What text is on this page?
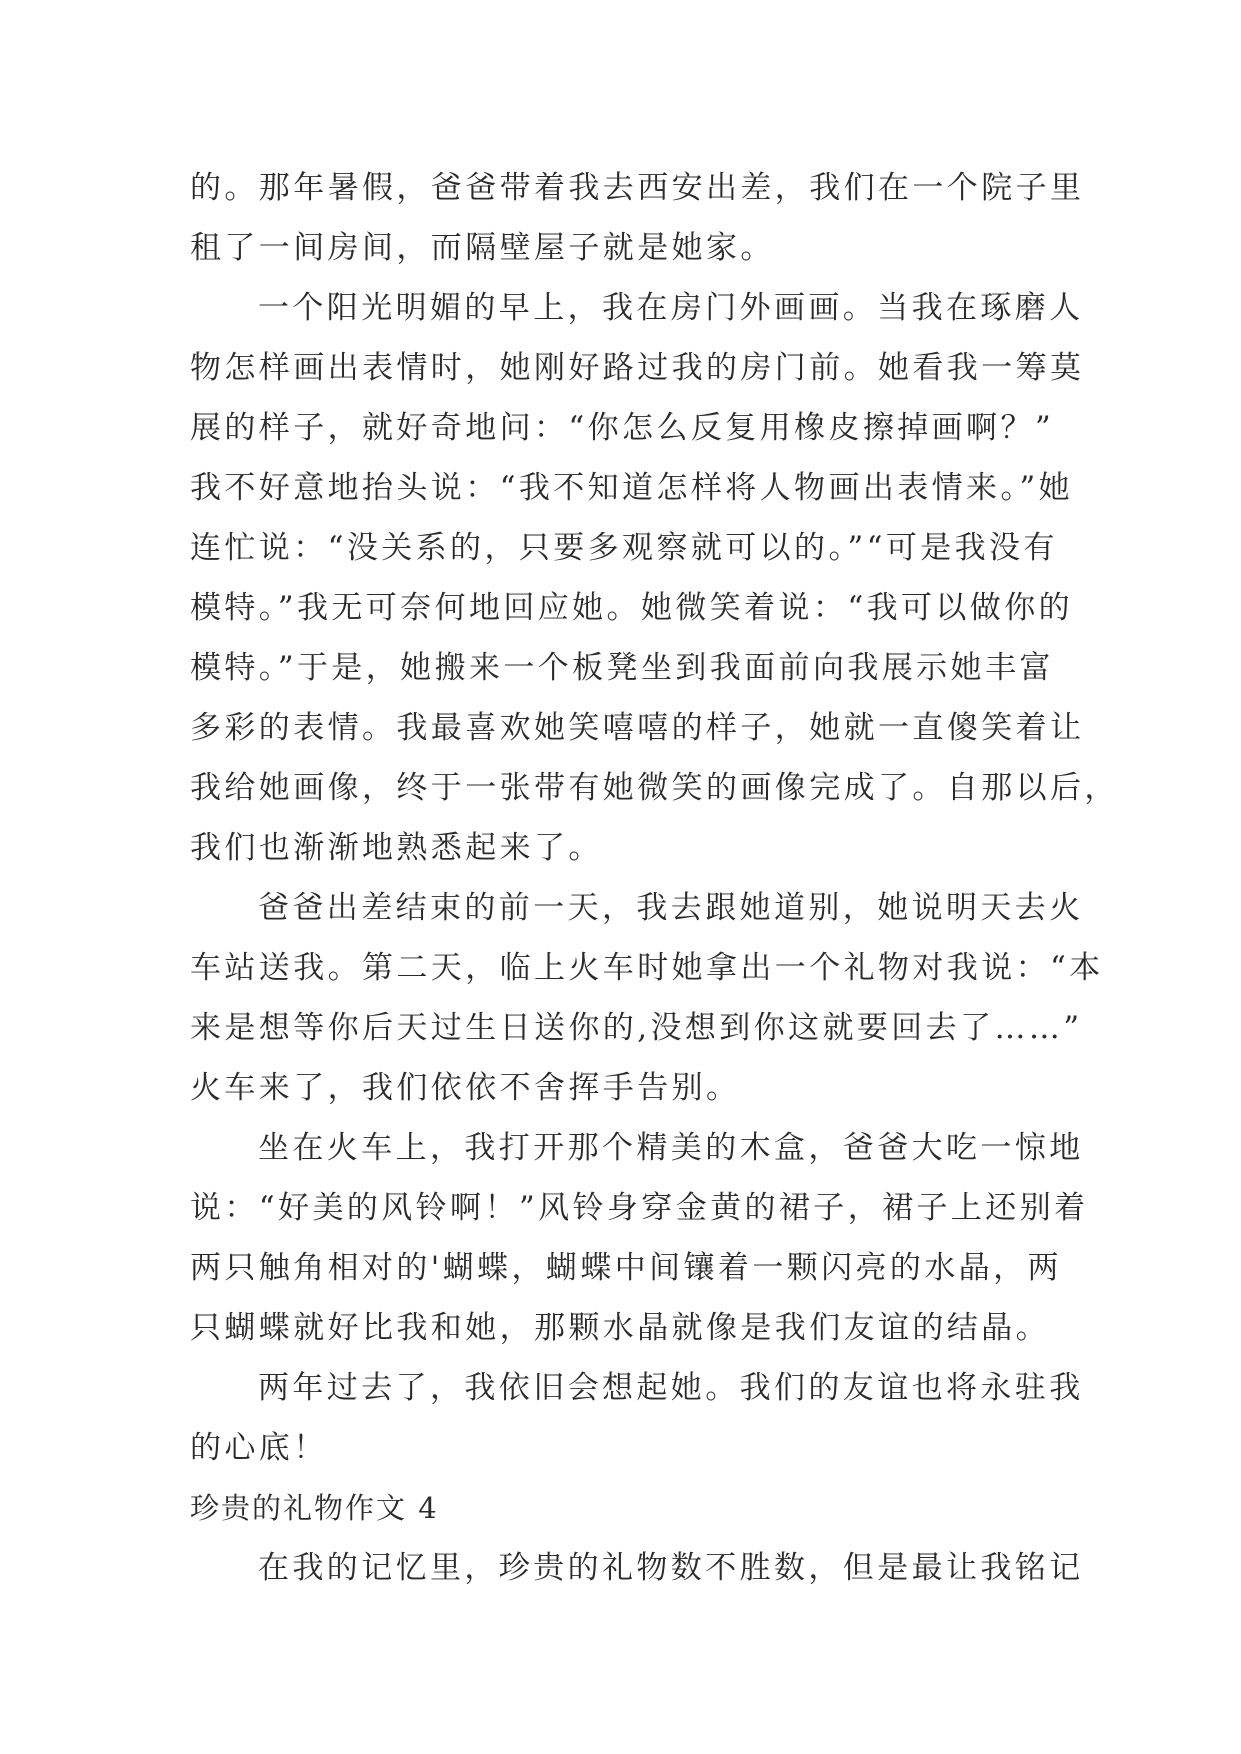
的。那年暑假，爸爸带着我去西安出差，我们在一个院子里

租了一间房间，而隔壁屋子就是她家。

一个阳光明媚的早上，我在房门外画画。当我在琢磨人

物怎样画出表情时，她刚好路过我的房门前。她看我一筹莫

展的样子，就好奇地问：“你怎么反复用橡皮擦掉画啊？”

我不好意地抬头说：“我不知道怎样将人物画出表情来。”她

连忙说：“没关系的，只要多观察就可以的。”“可是我没有

模特。”我无可奈何地回应她。她微笑着说：“我可以做你的

模特。”于是，她搬来一个板凳坐到我面前向我展示她丰富

多彩的表情。我最喜欢她笑嘻嘻的样子，她就一直傻笑着让

我给她画像，终于一张带有她微笑的画像完成了。自那以后，

我们也渐渐地熟悉起来了。

爸爸出差结束的前一天，我去跟她道别，她说明天去火

车站送我。第二天，临上火车时她拿出一个礼物对我说：“本

来是想等你后天过生日送你的,没想到你这就要回去了……”

火车来了，我们依依不舍挥手告别。

坐在火车上，我打开那个精美的木盒，爸爸大吃一惊地

说：“好美的风铃啊！”风铃身穿金黄的裙子，裙子上还别着

两只触角相对的'蝴蝶，蝴蝶中间镶着一颗闪亮的水晶，两

只蝴蝶就好比我和她，那颗水晶就像是我们友谊的结晶。

两年过去了，我依旧会想起她。我们的友谊也将永驻我

的心底！

珍贵的礼物作文 4

在我的记忆里，珍贵的礼物数不胜数，但是最让我铭记
